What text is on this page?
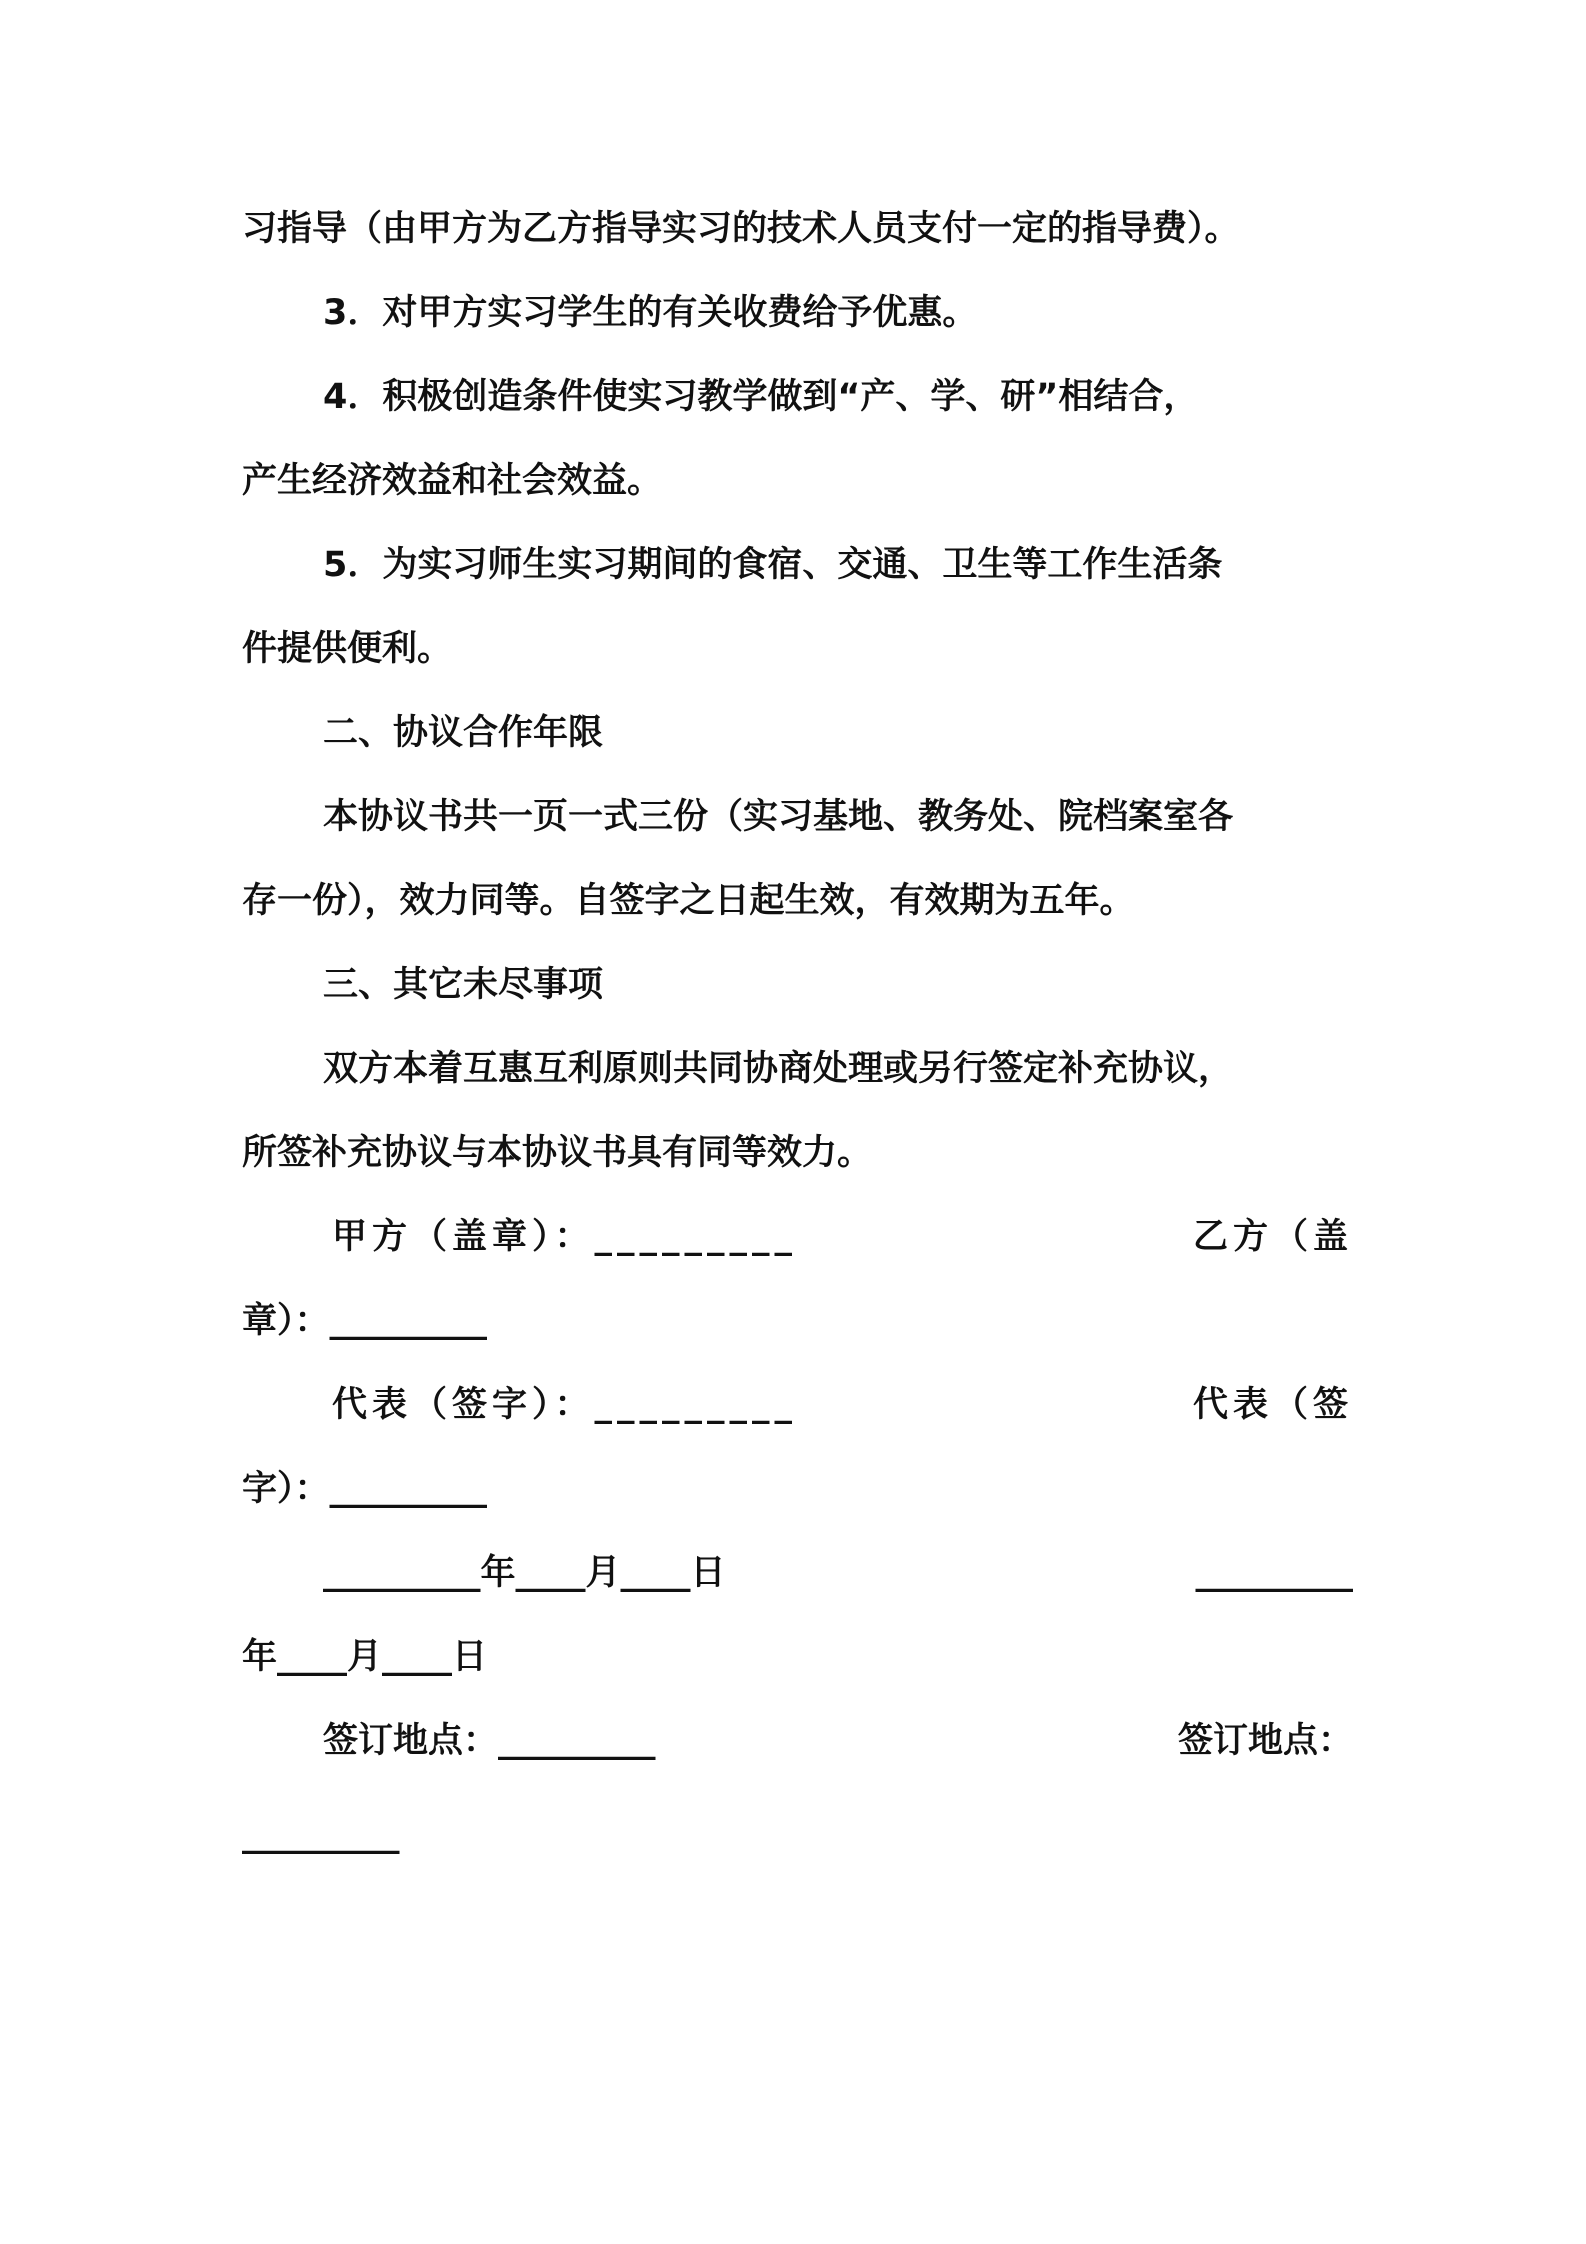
习指导（由甲方为乙方指导实习的技术人员支付一定的指导费）。
3．对甲方实习学生的有关收费给予优惠。
4．积极创造条件使实习教学做到“产、学、研”相结合，
产生经济效益和社会效益。
5．为实习师生实习期间的食宿、交通、卫生等工作生活条
件提供便利。
二、协议合作年限
本协议书共一页一式三份（实习基地、教务处、院档案室各
存一份），效力同等。自签字之日起生效，有效期为五年。
三、其它未尽事项
双方本着互惠互利原则共同协商处理或另行签定补充协议，
所签补充协议与本协议书具有同等效力。
甲方（盖章）：_________	乙方（盖
章）：_________
代表（签字）：_________	代表（签
字）：_________
_________年____月____日	_________
年____月____日
签订地点：_________	签订地点：
_________
